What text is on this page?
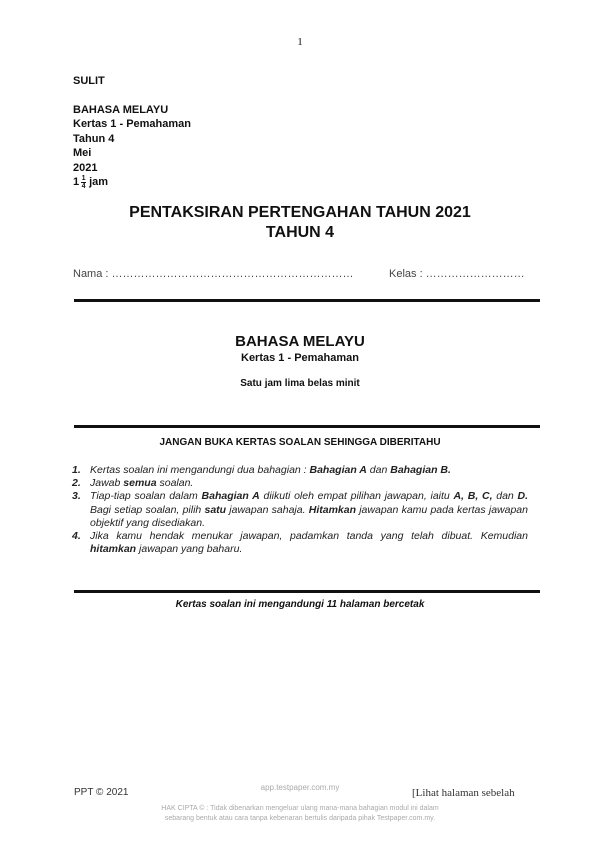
1
SULIT
BAHASA MELAYU
Kertas 1 - Pemahaman
Tahun 4
Mei
2021
$1 \frac{1}{4}$ jam
PENTAKSIRAN PERTENGAHAN TAHUN 2021
TAHUN 4
Nama : …………………………………………………………	Kelas : ………………………
BAHASA MELAYU
Kertas 1 - Pemahaman
Satu jam lima belas minit
JANGAN BUKA KERTAS SOALAN SEHINGGA DIBERITAHU
1. Kertas soalan ini mengandungi dua bahagian : Bahagian A dan Bahagian B.
2. Jawab semua soalan.
3. Tiap-tiap soalan dalam Bahagian A diikuti oleh empat pilihan jawapan, iaitu A, B, C, dan D. Bagi setiap soalan, pilih satu jawapan sahaja. Hitamkan jawapan kamu pada kertas jawapan objektif yang disediakan.
4. Jika kamu hendak menukar jawapan, padamkan tanda yang telah dibuat. Kemudian hitamkan jawapan yang baharu.
Kertas soalan ini mengandungi 11 halaman bercetak
PPT © 2021	app.testpaper.com.my	[Lihat halaman sebelah
HAK CIPTA © : Tidak dibenarkan mengeluar ulang mana-mana bahagian modul ini dalam
sebarang bentuk atau cara tanpa kebenaran bertulis daripada pihak Testpaper.com.my.
